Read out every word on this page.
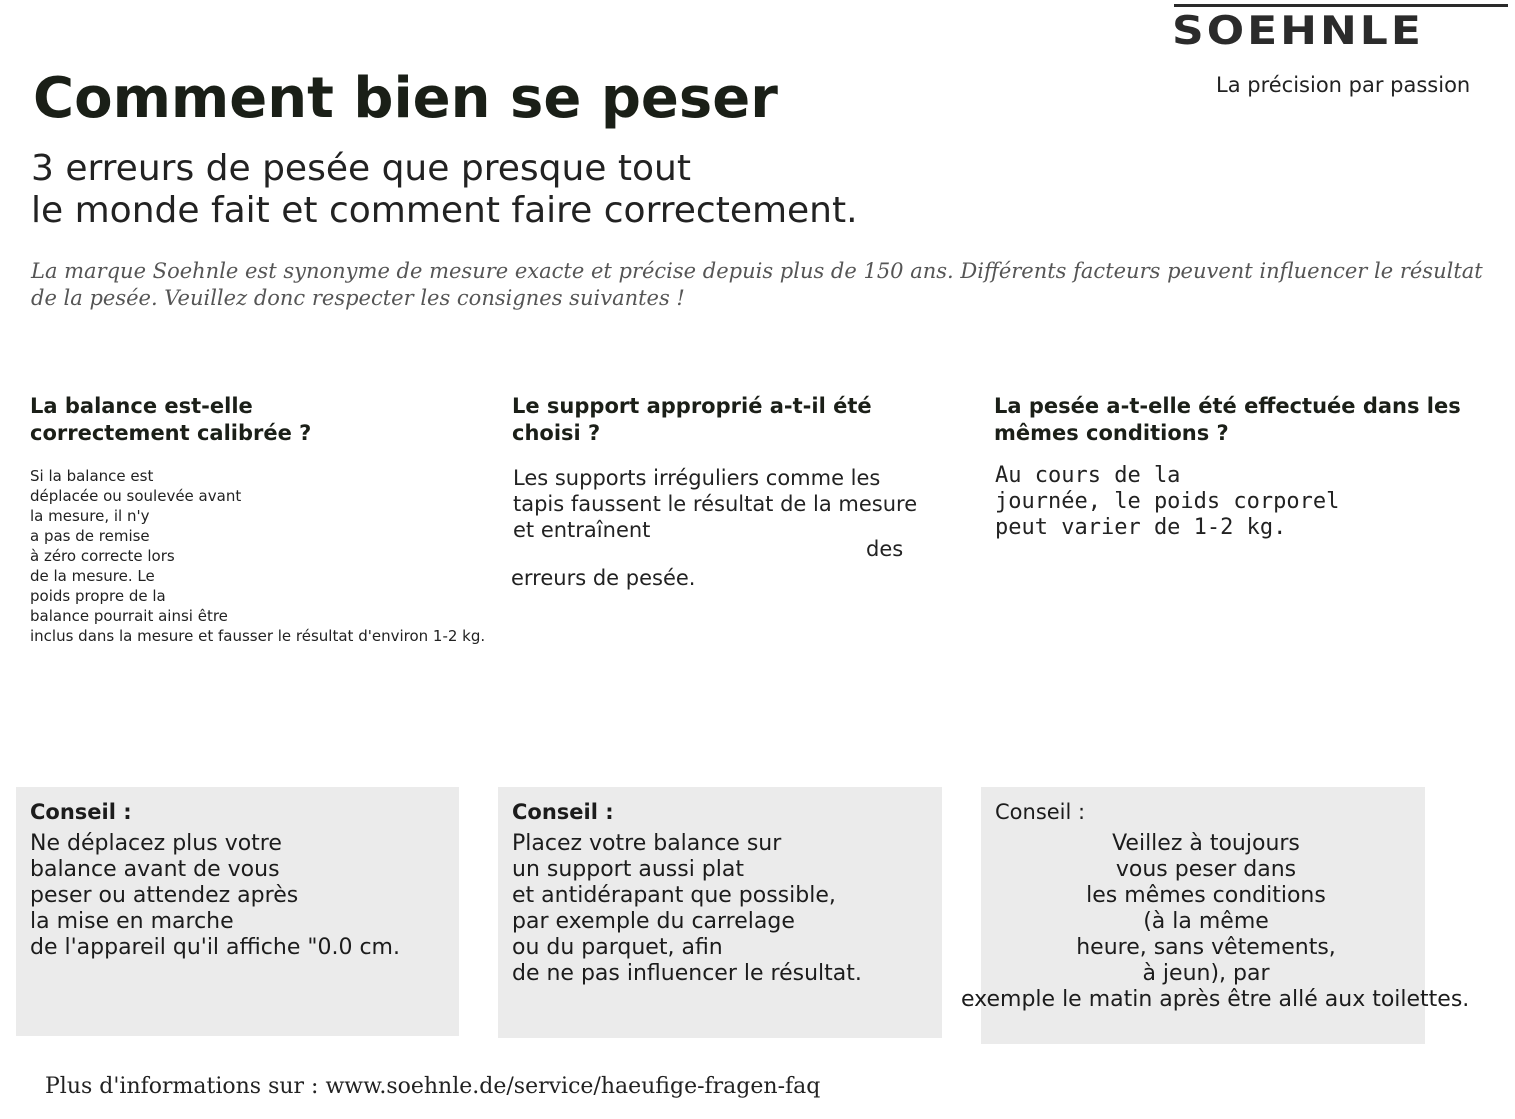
SOEHNLE
La précision par passion
Comment bien se peser
3 erreurs de pesée que presque tout
le monde fait et comment faire correctement.
La marque Soehnle est synonyme de mesure exacte et précise depuis plus de 150 ans. Différents facteurs peuvent influencer le résultat
de la pesée. Veuillez donc respecter les consignes suivantes !
La balance est-elle
correctement calibrée ?
Si la balance est
déplacée ou soulevée avant
la mesure, il n'y
a pas de remise
à zéro correcte lors
de la mesure. Le
poids propre de la
balance pourrait ainsi être
inclus dans la mesure et fausser le résultat d'environ 1-2 kg.
Le support approprié a-t-il été
choisi ?
Les supports irréguliers comme les
tapis faussent le résultat de la mesure
et entraînent
des
erreurs de pesée.
La pesée a-t-elle été effectuée dans les
mêmes conditions ?
Au cours de la
journée, le poids corporel
peut varier de 1-2 kg.
Conseil :
Ne déplacez plus votre
balance avant de vous
peser ou attendez après
la mise en marche
de l'appareil qu'il affiche "0.0 cm.
Conseil :
Placez votre balance sur
un support aussi plat
et antidérapant que possible,
par exemple du carrelage
ou du parquet, afin
de ne pas influencer le résultat.
Conseil :
Veillez à toujours
vous peser dans
les mêmes conditions
(à la même
heure, sans vêtements,
à jeun), par
exemple le matin après être allé aux toilettes.
Plus d'informations sur : www.soehnle.de/service/haeufige-fragen-faq
